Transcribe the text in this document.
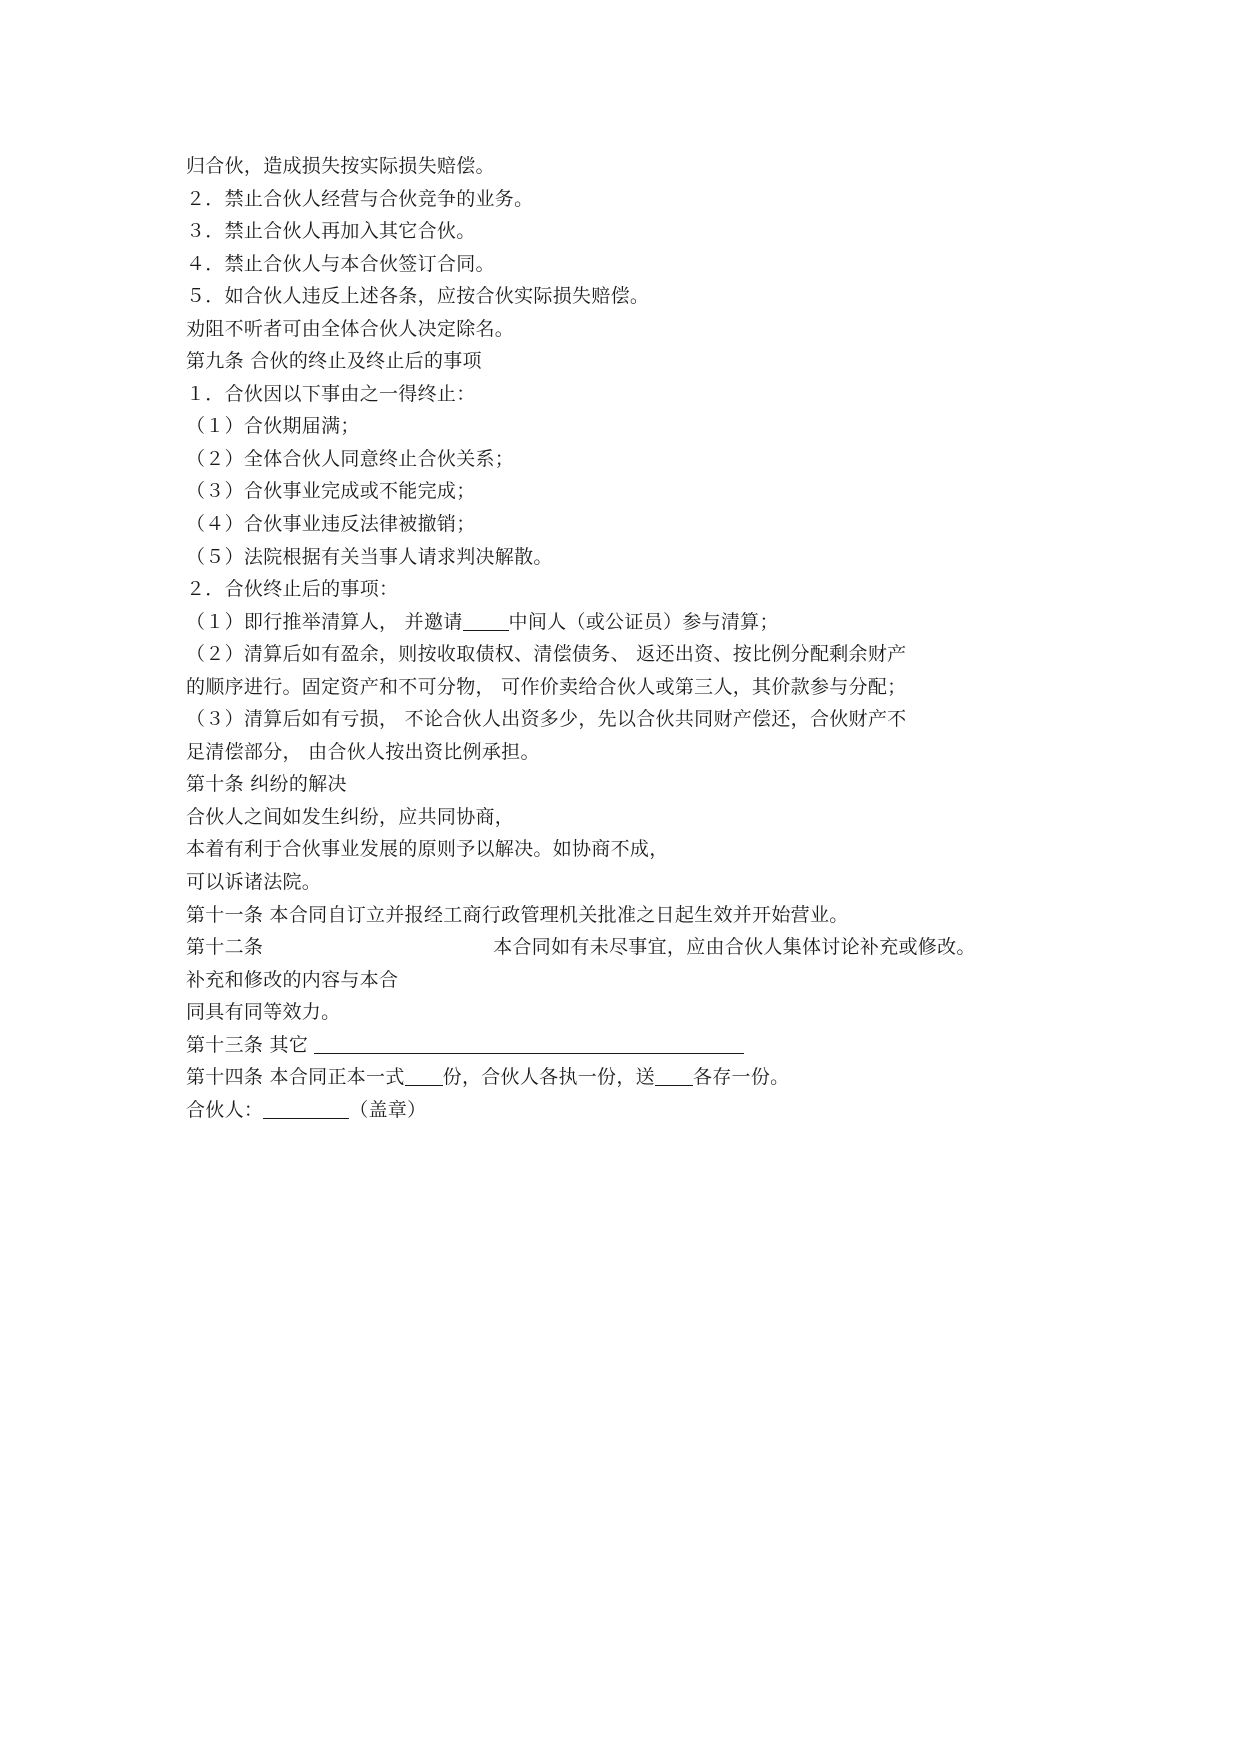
归合伙，造成损失按实际损失赔偿。
２．禁止合伙人经营与合伙竞争的业务。
３．禁止合伙人再加入其它合伙。
４．禁止合伙人与本合伙签订合同。
５．如合伙人违反上述各条，应按合伙实际损失赔偿。
劝阻不听者可由全体合伙人决定除名。
第九条 合伙的终止及终止后的事项
１．合伙因以下事由之一得终止：
（１）合伙期届满；
（２）全体合伙人同意终止合伙关系；
（３）合伙事业完成或不能完成；
（４）合伙事业违反法律被撤销；
（５）法院根据有关当事人请求判决解散。
２．合伙终止后的事项：
（１）即行推举清算人， 并邀请 中间人（或公证员）参与清算；
（２）清算后如有盈余，则按收取债权、清偿债务、 返还出资、按比例分配剩余财产
的顺序进行。固定资产和不可分物， 可作价卖给合伙人或第三人，其价款参与分配；
（３）清算后如有亏损， 不论合伙人出资多少，先以合伙共同财产偿还，合伙财产不
足清偿部分， 由合伙人按出资比例承担。
第十条 纠纷的解决
合伙人之间如发生纠纷，应共同协商，
本着有利于合伙事业发展的原则予以解决。如协商不成，
可以诉诸法院。
第十一条 本合同自订立并报经工商行政管理机关批准之日起生效并开始营业。
第十二条	本合同如有未尽事宜，应由合伙人集体讨论补充或修改。
补充和修改的内容与本合
同具有同等效力。
第十三条 其它
第十四条 本合同正本一式 份，合伙人各执一份，送 各存一份。
合伙人：	（盖章）
